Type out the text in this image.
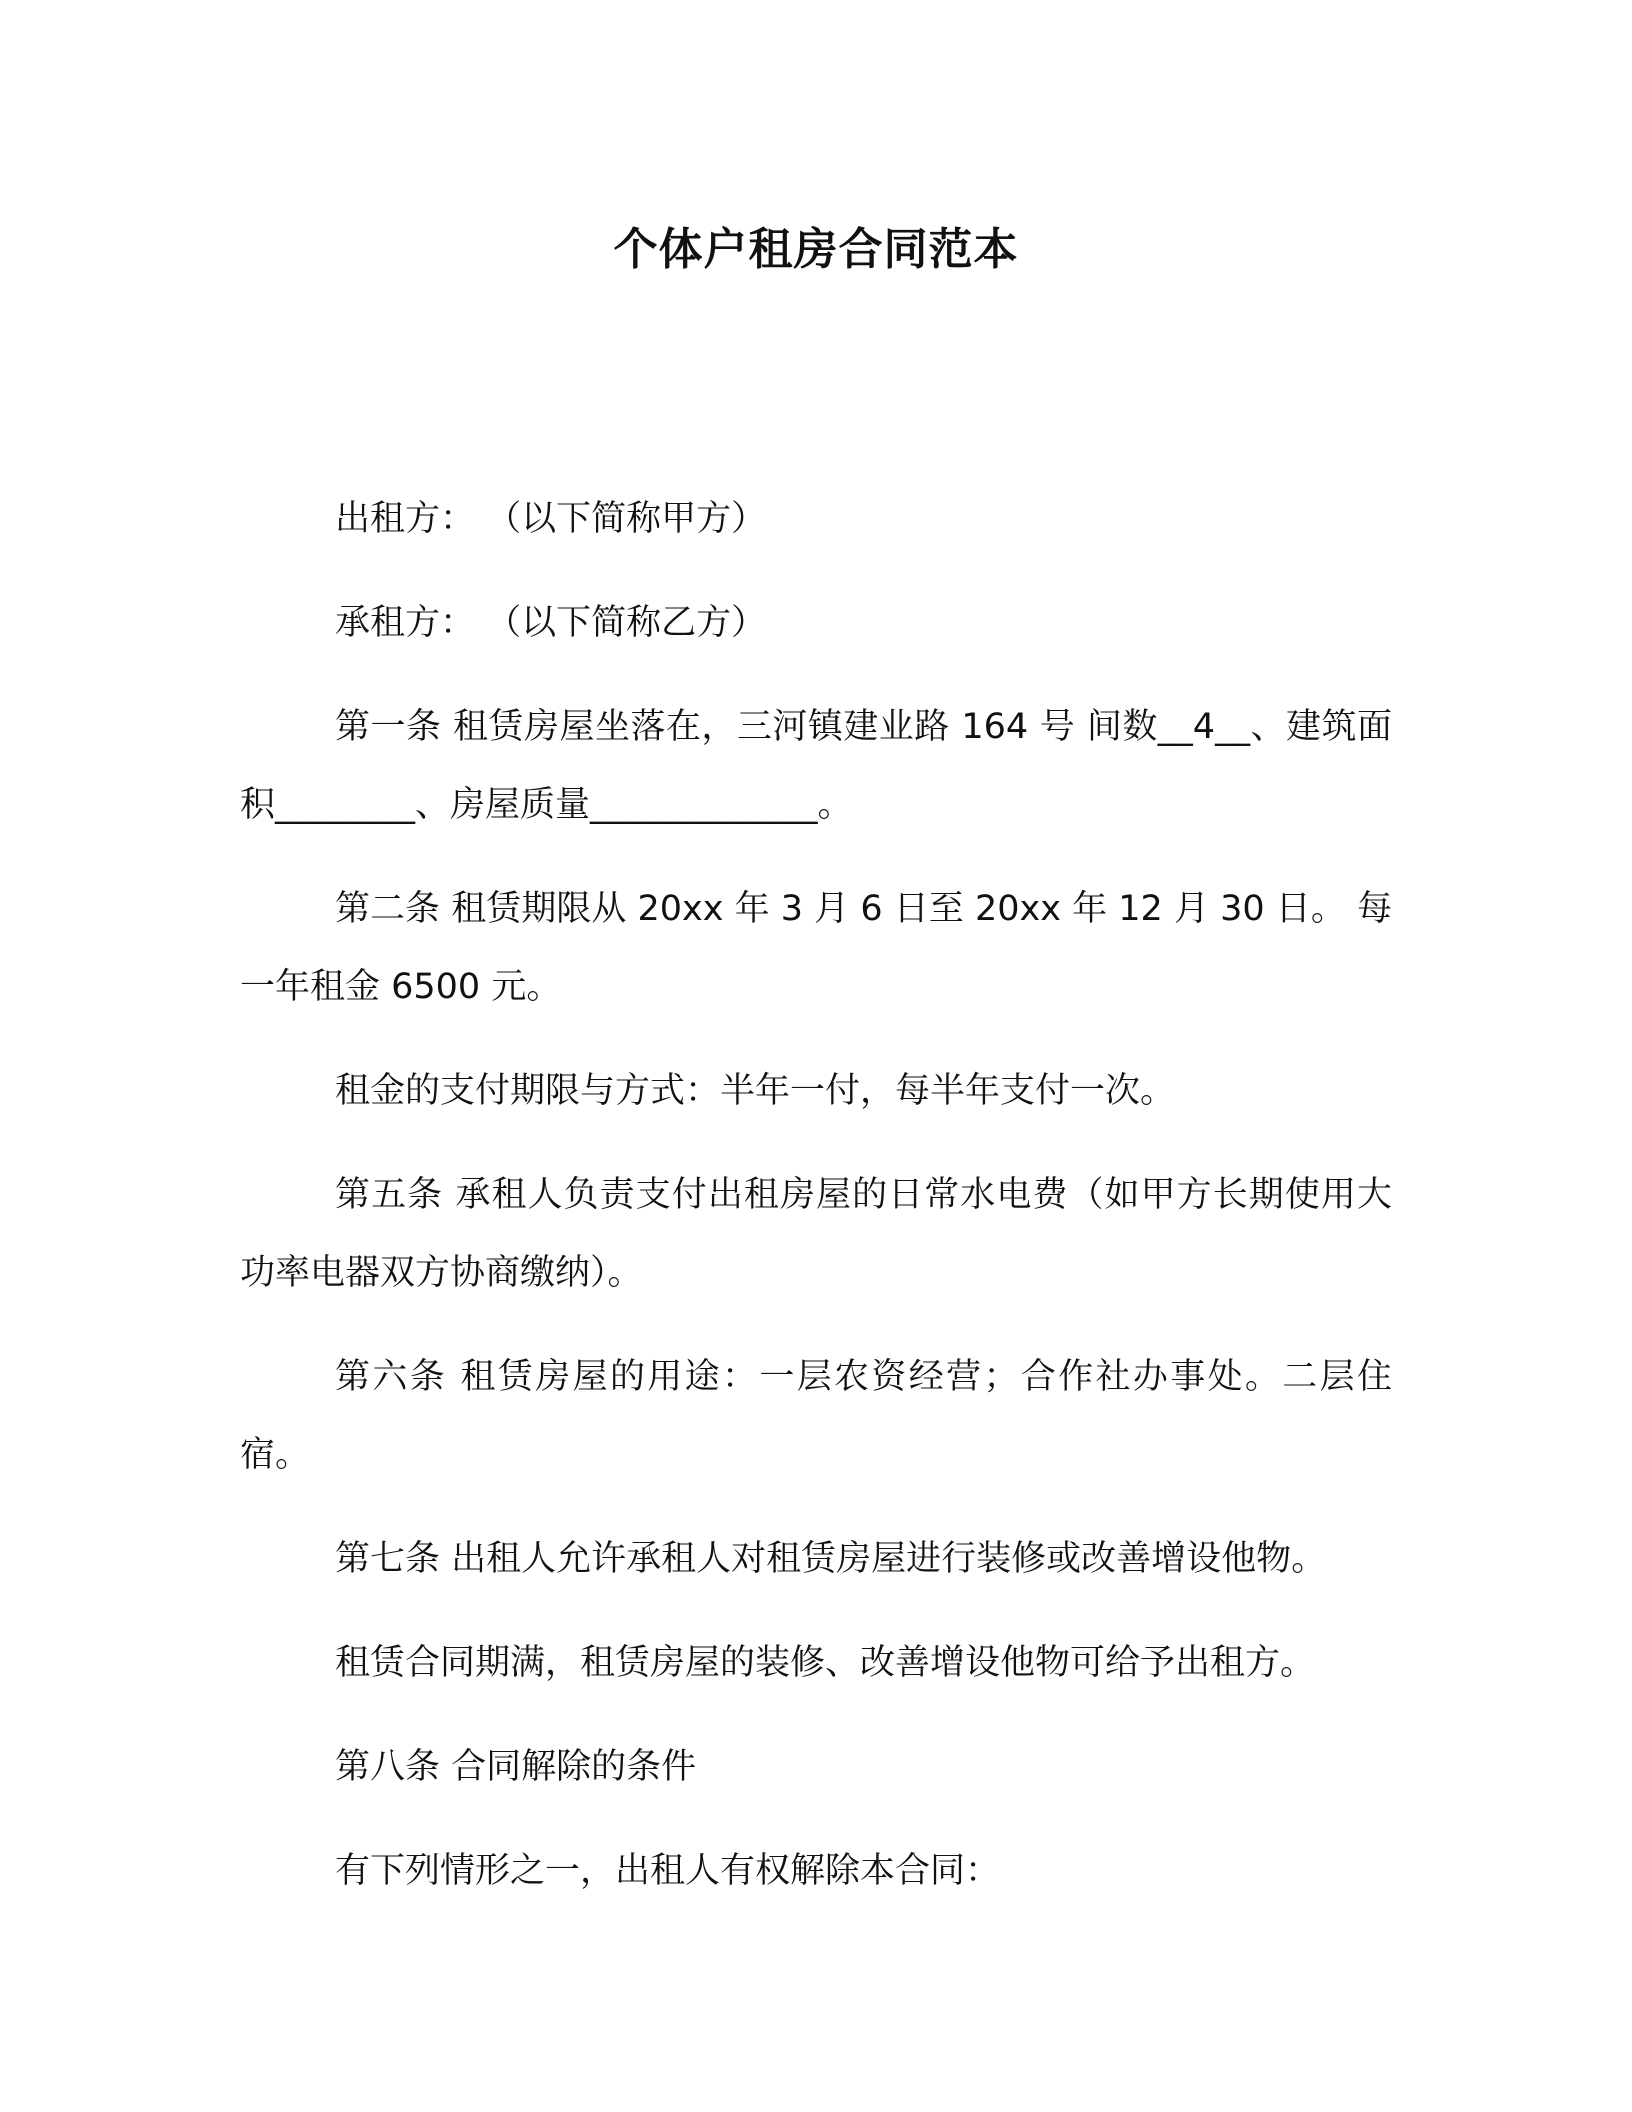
个体户租房合同范本

出租方： （以下简称甲方）

承租方： （以下简称乙方）

第一条 租赁房屋坐落在，三河镇建业路 164 号 间数__4__、建筑面积________、房屋质量_____________。

第二条 租赁期限从 20xx 年 3 月 6 日至 20xx 年 12 月 30 日。 每一年租金 6500 元。

租金的支付期限与方式：半年一付，每半年支付一次。

第五条 承租人负责支付出租房屋的日常水电费（如甲方长期使用大功率电器双方协商缴纳）。

第六条 租赁房屋的用途：一层农资经营；合作社办事处。二层住宿。

第七条 出租人允许承租人对租赁房屋进行装修或改善增设他物。

租赁合同期满，租赁房屋的装修、改善增设他物可给予出租方。

第八条 合同解除的条件

有下列情形之一，出租人有权解除本合同：
